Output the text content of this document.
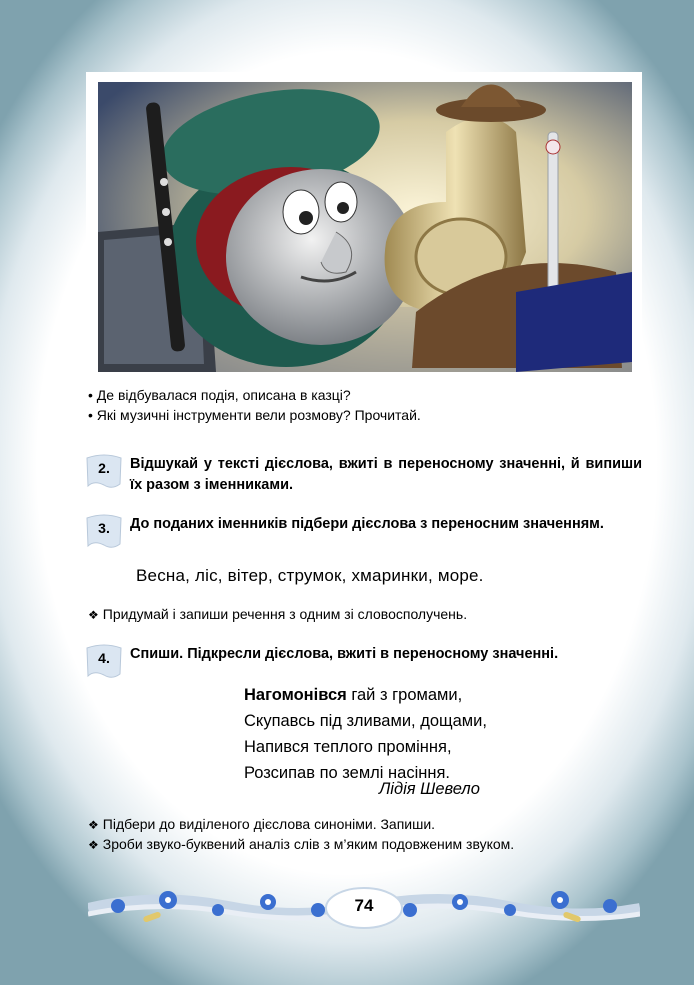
• Де відбувалася подія, описана в казці?
• Які музичні інструменти вели розмову? Прочитай.
2.	Відшукай у тексті дієслова, вжиті в переносному значенні, й випиши їх разом з іменниками.
3.	До поданих іменників підбери дієслова з переносним значенням.
Весна, ліс, вітер, струмок, хмаринки, море.
❖ Придумай і запиши речення з одним зі словосполучень.
4.	Спиши. Підкресли дієслова, вжиті в переносному значенні.
Нагомонівся гай з громами,
Скупавсь під зливами, дощами,
Напився теплого проміння,
Розсипав по землі насіння.
Лідія Шевело
❖ Підбери до виділеного дієслова синоніми. Запиши.
❖ Зроби звуко-буквений аналіз слів з м’яким подовженим звуком.
74
